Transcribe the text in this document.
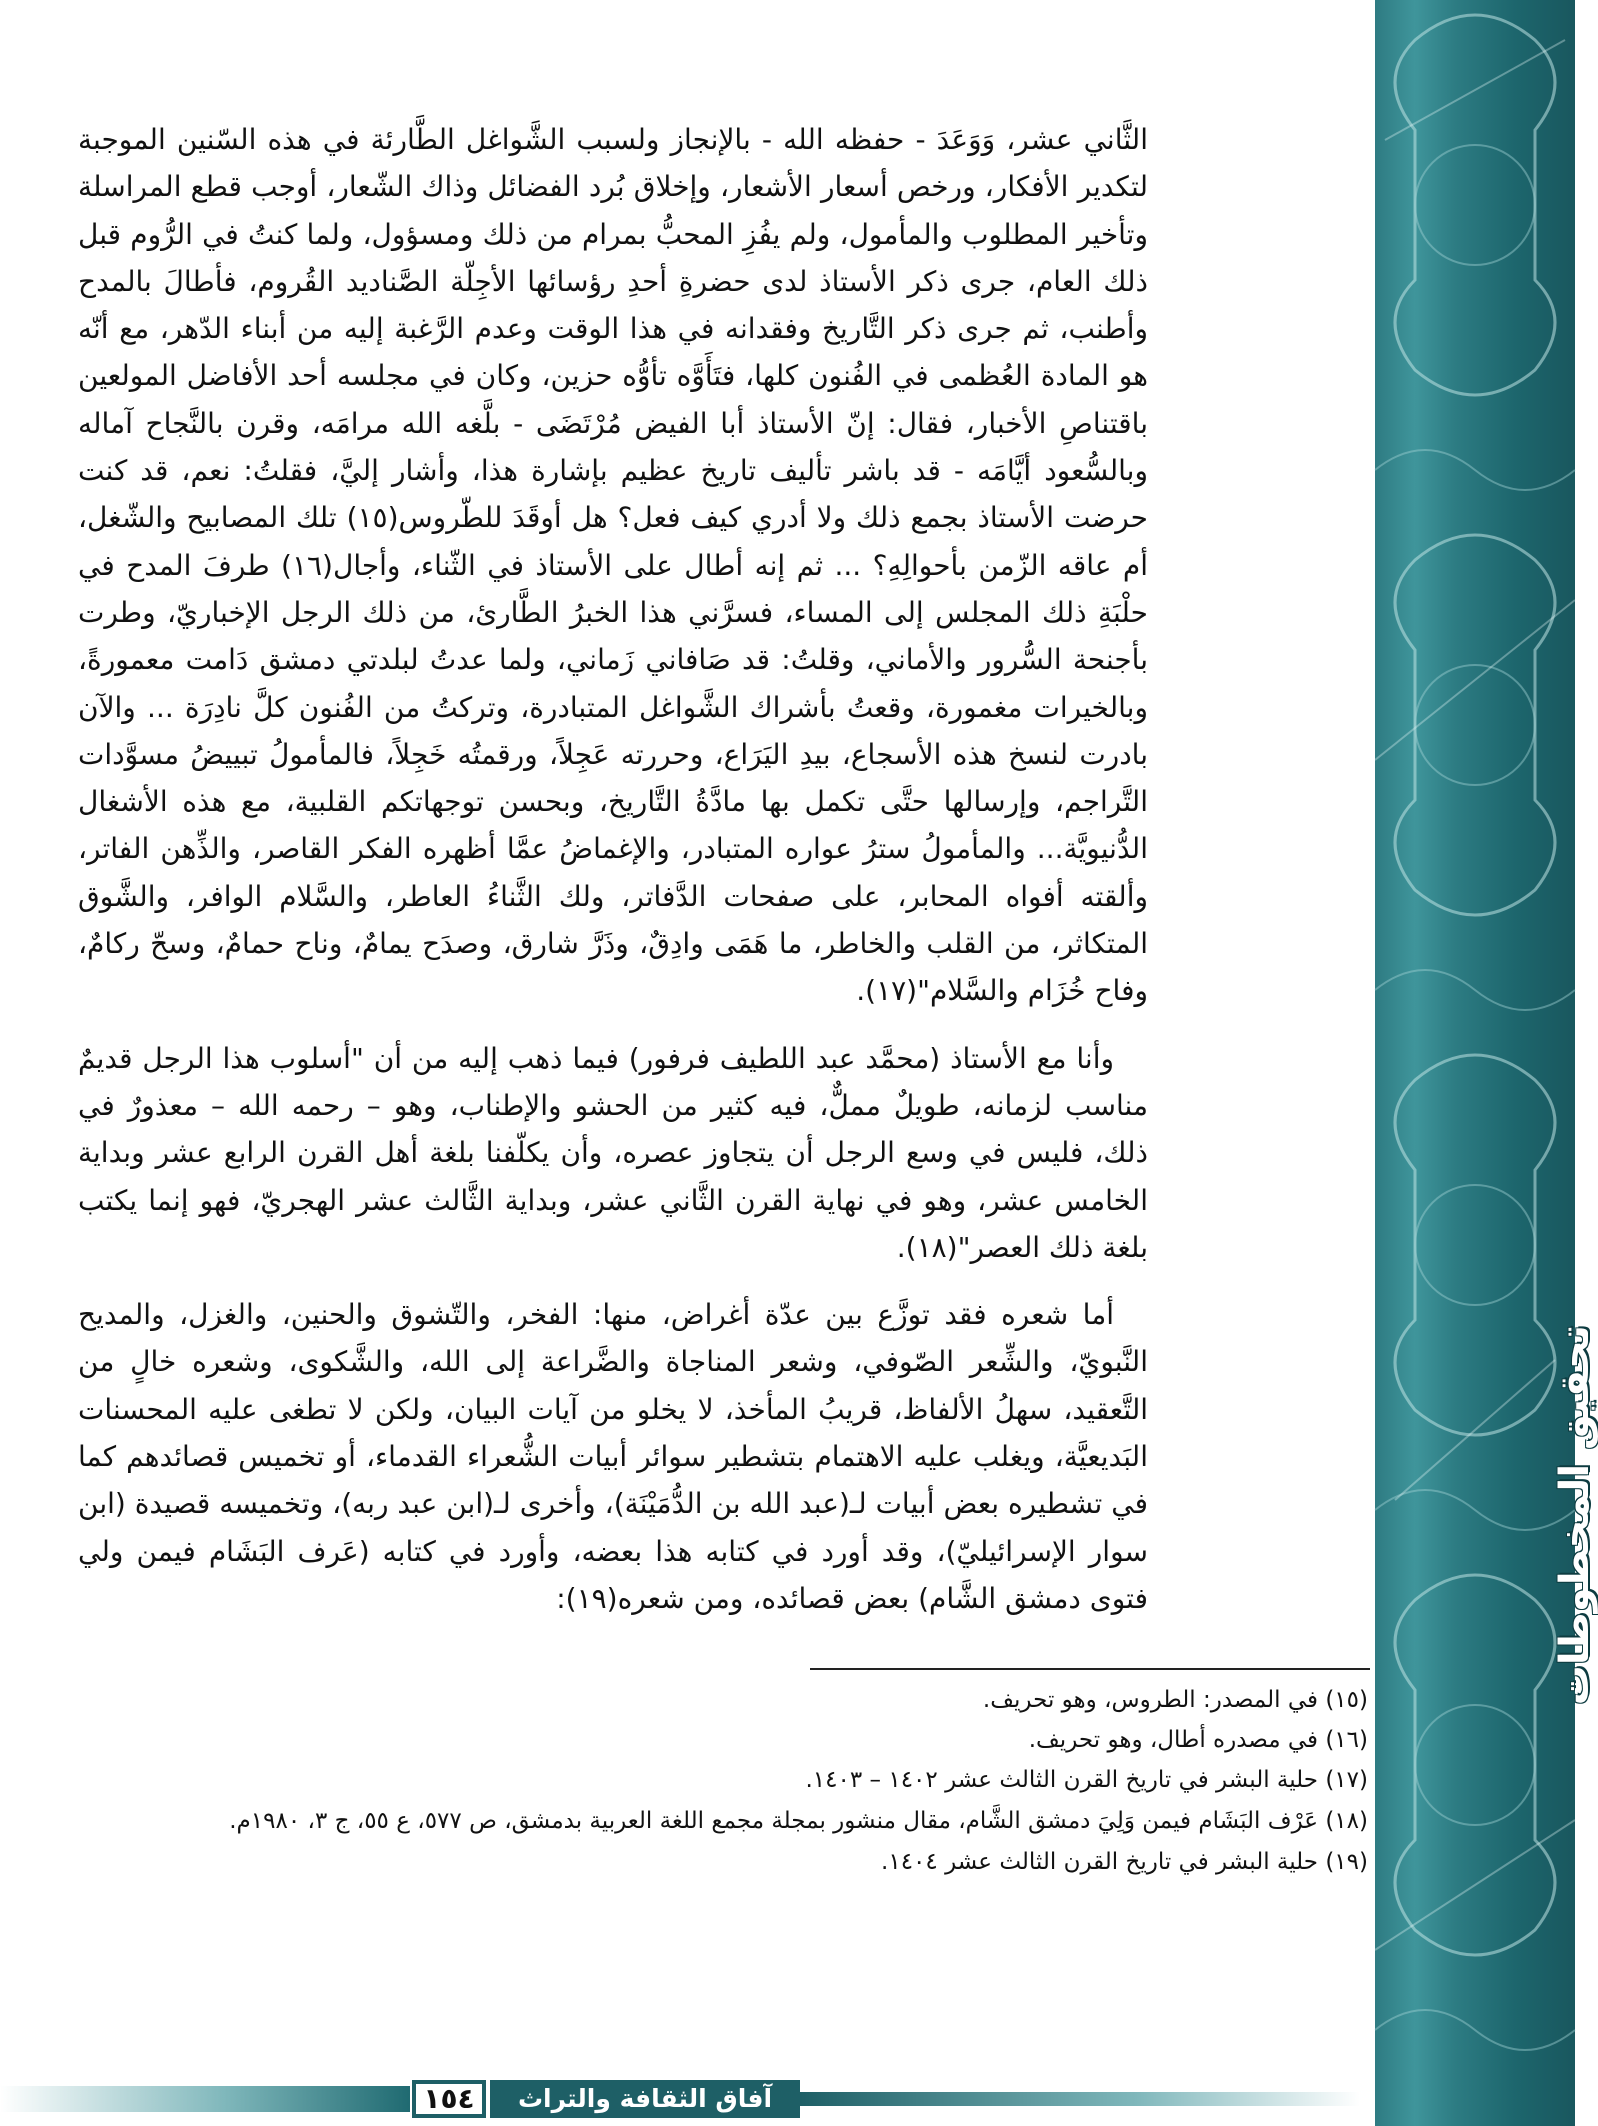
تحقيق المخطوطات

الثَّاني عشر، وَوَعَدَ - حفظه الله - بالإنجاز ولسبب الشَّواغل الطَّارئة في هذه السّنين الموجبة لتكدير الأفكار، ورخص أسعار الأشعار، وإخلاق بُرد الفضائل وذاك الشّعار، أوجب قطع المراسلة وتأخير المطلوب والمأمول، ولم يفُزِ المحبُّ بمرام من ذلك ومسؤول، ولما كنتُ في الرُّوم قبل ذلك العام، جرى ذكر الأستاذ لدى حضرةِ أحدِ رؤسائها الأجِلّة الصَّناديد القُروم، فأطالَ بالمدح وأطنب، ثم جرى ذكر التَّاريخ وفقدانه في هذا الوقت وعدم الرَّغبة إليه من أبناء الدّهر، مع أنّه هو المادة العُظمى في الفُنون كلها، فتَأَوَّه تأوُّه حزين، وكان في مجلسه أحد الأفاضل المولعين باقتناصِ الأخبار، فقال: إنّ الأستاذ أبا الفيض مُرْتَضَى - بلَّغه الله مرامَه، وقرن بالنَّجاح آماله وبالسُّعود أيَّامَه - قد باشر تأليف تاريخ عظيم بإشارة هذا، وأشار إليَّ، فقلتُ: نعم، قد كنت حرضت الأستاذ بجمع ذلك ولا أدري كيف فعل؟ هل أوقَدَ للطّروس(١٥) تلك المصابيح والشّغل، أم عاقه الزّمن بأحوالِهِ؟ ... ثم إنه أطال على الأستاذ في الثّناء، وأجال(١٦) طرفَ المدح في حلْبَةِ ذلك المجلس إلى المساء، فسرَّني هذا الخبرُ الطَّارئ، من ذلك الرجل الإخباريّ، وطرت بأجنحة السُّرور والأماني، وقلتُ: قد صَافاني زَماني، ولما عدتُ لبلدتي دمشق دَامت معمورةً، وبالخيرات مغمورة، وقعتُ بأشراك الشَّواغل المتبادرة، وتركتُ من الفُنون كلَّ نادِرَة ... والآن بادرت لنسخ هذه الأسجاع، بيدِ اليَرَاع، وحررته عَجِلاً، ورقمتُه خَجِلاً، فالمأمولُ تبييضُ مسوَّدات التَّراجم، وإرسالها حتَّى تكمل بها مادَّةُ التَّاريخ، وبحسن توجهاتكم القلبية، مع هذه الأشغال الدُّنيويَّة... والمأمولُ سترُ عواره المتبادر، والإغماضُ عمَّا أظهره الفكر القاصر، والذِّهن الفاتر، وألقته أفواه المحابر، على صفحات الدَّفاتر، ولك الثَّناءُ العاطر، والسَّلام الوافر، والشَّوق المتكاثر، من القلب والخاطر، ما هَمَى وادِقٌ، وذَرَّ شارق، وصدَح يمامٌ، وناح حمامٌ، وسحّ ركامٌ، وفاح خُزَام والسَّلام"(١٧).

وأنا مع الأستاذ (محمَّد عبد اللطيف فرفور) فيما ذهب إليه من أن "أسلوب هذا الرجل قديمٌ مناسب لزمانه، طويلٌ مملٌّ، فيه كثير من الحشو والإطناب، وهو – رحمه الله – معذورٌ في ذلك، فليس في وسع الرجل أن يتجاوز عصره، وأن يكلّفنا بلغة أهل القرن الرابع عشر وبداية الخامس عشر، وهو في نهاية القرن الثَّاني عشر، وبداية الثَّالث عشر الهجريّ، فهو إنما يكتب بلغة ذلك العصر"(١٨).

أما شعره فقد توزَّع بين عدّة أغراض، منها: الفخر، والتّشوق والحنين، والغزل، والمديح النَّبويّ، والشِّعر الصّوفي، وشعر المناجاة والضَّراعة إلى الله، والشَّكوى، وشعره خالٍ من التَّعقيد، سهلُ الألفاظ، قريبُ المأخذ، لا يخلو من آيات البيان، ولكن لا تطغى عليه المحسنات البَديعيَّة، ويغلب عليه الاهتمام بتشطير سوائر أبيات الشُّعراء القدماء، أو تخميس قصائدهم كما في تشطيره بعض أبيات لـ(عبد الله بن الدُّمَيْنَة)، وأخرى لـ(ابن عبد ربه)، وتخميسه قصيدة (ابن سوار الإسرائيليّ)، وقد أورد في كتابه هذا بعضه، وأورد في كتابه (عَرف البَشَام فيمن ولي فتوى دمشق الشَّام) بعض قصائده، ومن شعره(١٩):

(١٥) في المصدر: الطروس، وهو تحريف.

(١٦) في مصدره أطال، وهو تحريف.

(١٧) حلية البشر في تاريخ القرن الثالث عشر ١٤٠٢ – ١٤٠٣.

(١٨) عَرْف البَشَام فيمن وَلِيَ دمشق الشَّام، مقال منشور بمجلة مجمع اللغة العربية بدمشق، ص ٥٧٧، ع ٥٥، ج ٣، ١٩٨٠م.

(١٩) حلية البشر في تاريخ القرن الثالث عشر ١٤٠٤.

١٥٤	آفاق الثقافة والتراث
